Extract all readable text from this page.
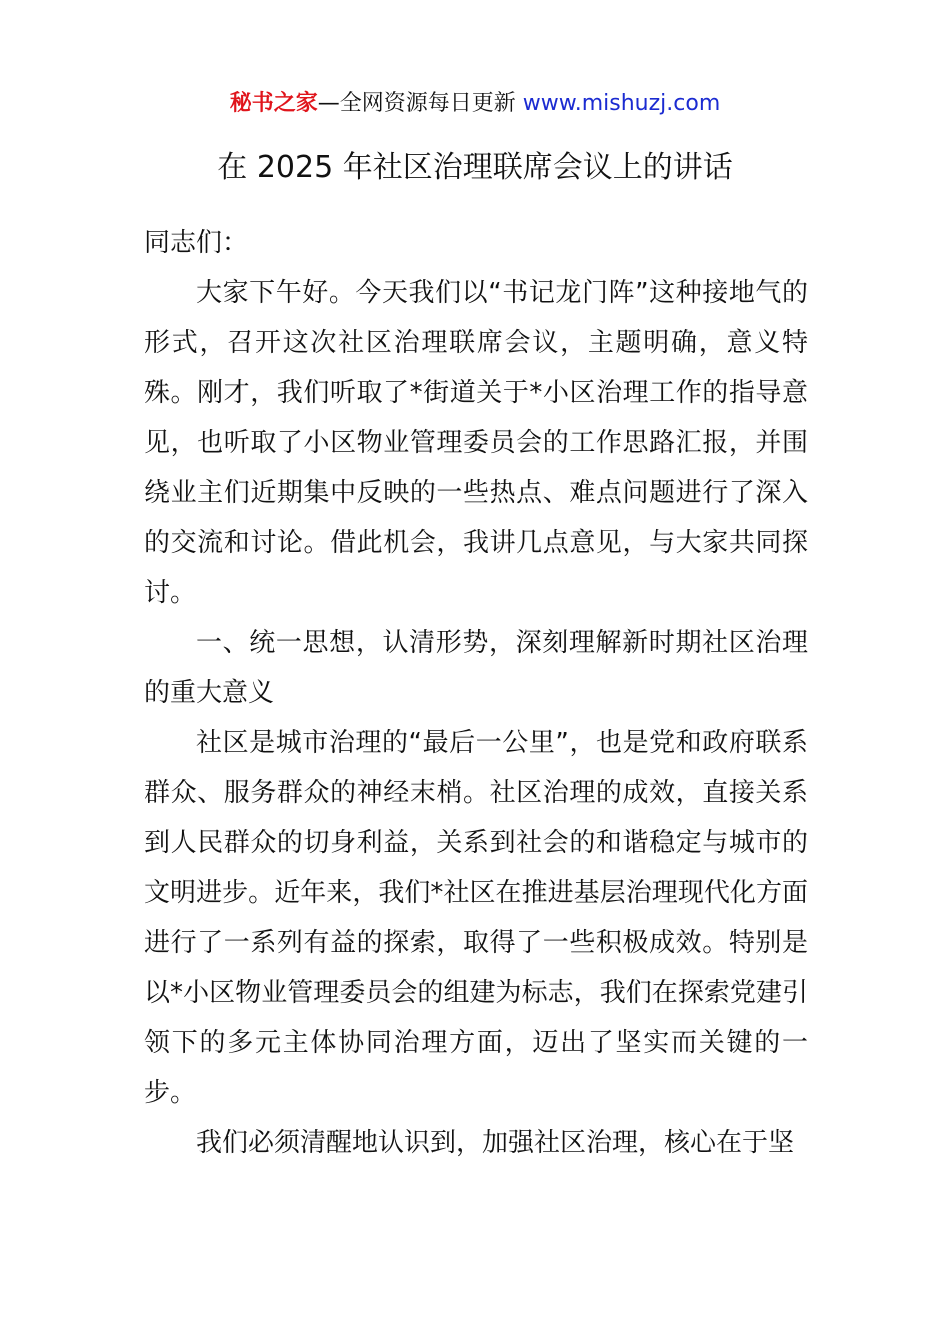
秘书之家—全网资源每日更新 www.mishuzj.com
在 2025 年社区治理联席会议上的讲话

同志们：

大家下午好。今天我们以“书记龙门阵”这种接地气的形式，召开这次社区治理联席会议，主题明确，意义特殊。刚才，我们听取了*街道关于*小区治理工作的指导意见，也听取了小区物业管理委员会的工作思路汇报，并围绕业主们近期集中反映的一些热点、难点问题进行了深入的交流和讨论。借此机会，我讲几点意见，与大家共同探讨。

一、统一思想，认清形势，深刻理解新时期社区治理的重大意义

社区是城市治理的“最后一公里”，也是党和政府联系群众、服务群众的神经末梢。社区治理的成效，直接关系到人民群众的切身利益，关系到社会的和谐稳定与城市的文明进步。近年来，我们*社区在推进基层治理现代化方面进行了一系列有益的探索，取得了一些积极成效。特别是以*小区物业管理委员会的组建为标志，我们在探索党建引领下的多元主体协同治理方面，迈出了坚实而关键的一步。

我们必须清醒地认识到，加强社区治理，核心在于坚
